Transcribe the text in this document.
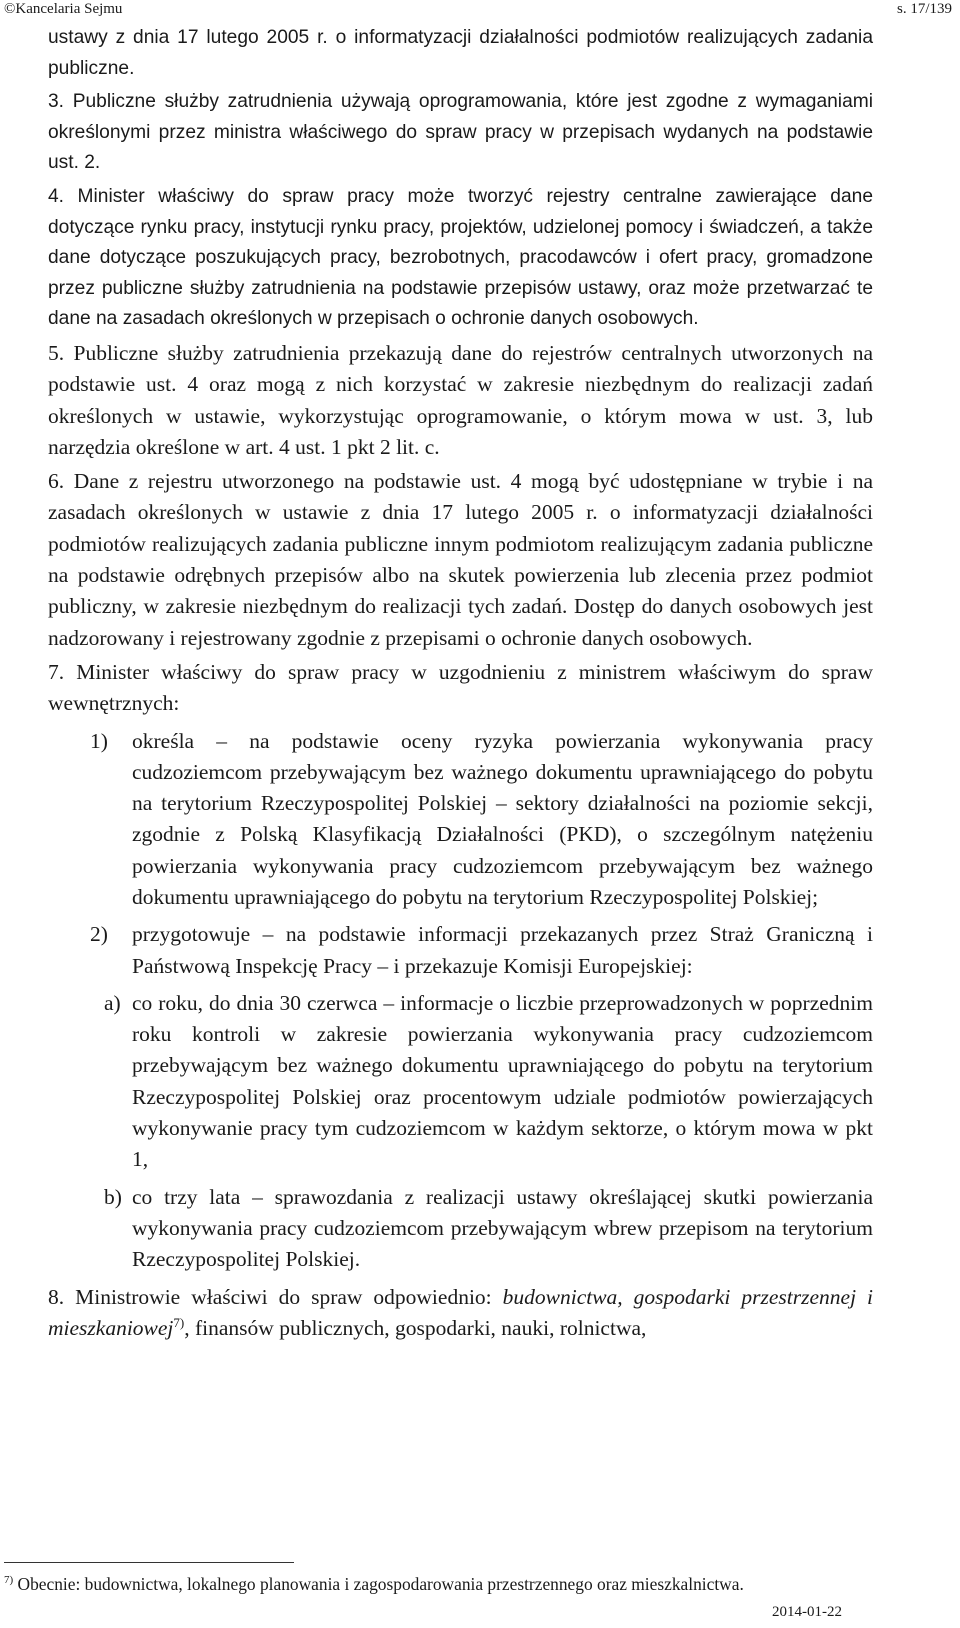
©Kancelaria Sejmu	s. 17/139

ustawy z dnia 17 lutego 2005 r. o informatyzacji działalności podmiotów realizujących zadania publiczne.

3. Publiczne służby zatrudnienia używają oprogramowania, które jest zgodne z wymaganiami określonymi przez ministra właściwego do spraw pracy w przepisach wydanych na podstawie ust. 2.

4. Minister właściwy do spraw pracy może tworzyć rejestry centralne zawierające dane dotyczące rynku pracy, instytucji rynku pracy, projektów, udzielonej pomocy i świadczeń, a także dane dotyczące poszukujących pracy, bezrobotnych, pracodawców i ofert pracy, gromadzone przez publiczne służby zatrudnienia na podstawie przepisów ustawy, oraz może przetwarzać te dane na zasadach określonych w przepisach o ochronie danych osobowych.

5. Publiczne służby zatrudnienia przekazują dane do rejestrów centralnych utworzonych na podstawie ust. 4 oraz mogą z nich korzystać w zakresie niezbędnym do realizacji zadań określonych w ustawie, wykorzystując oprogramowanie, o którym mowa w ust. 3, lub narzędzia określone w art. 4 ust. 1 pkt 2 lit. c.

6. Dane z rejestru utworzonego na podstawie ust. 4 mogą być udostępniane w trybie i na zasadach określonych w ustawie z dnia 17 lutego 2005 r. o informatyzacji działalności podmiotów realizujących zadania publiczne innym podmiotom realizującym zadania publiczne na podstawie odrębnych przepisów albo na skutek powierzenia lub zlecenia przez podmiot publiczny, w zakresie niezbędnym do realizacji tych zadań. Dostęp do danych osobowych jest nadzorowany i rejestrowany zgodnie z przepisami o ochronie danych osobowych.

7. Minister właściwy do spraw pracy w uzgodnieniu z ministrem właściwym do spraw wewnętrznych:

1) określa – na podstawie oceny ryzyka powierzania wykonywania pracy cudzoziemcom przebywającym bez ważnego dokumentu uprawniającego do pobytu na terytorium Rzeczypospolitej Polskiej – sektory działalności na poziomie sekcji, zgodnie z Polską Klasyfikacją Działalności (PKD), o szczególnym natężeniu powierzania wykonywania pracy cudzoziemcom przebywającym bez ważnego dokumentu uprawniającego do pobytu na terytorium Rzeczypospolitej Polskiej;
2) przygotowuje – na podstawie informacji przekazanych przez Straż Graniczną i Państwową Inspekcję Pracy – i przekazuje Komisji Europejskiej:
a) co roku, do dnia 30 czerwca – informacje o liczbie przeprowadzonych w poprzednim roku kontroli w zakresie powierzania wykonywania pracy cudzoziemcom przebywającym bez ważnego dokumentu uprawniającego do pobytu na terytorium Rzeczypospolitej Polskiej oraz procentowym udziale podmiotów powierzających wykonywanie pracy tym cudzoziemcom w każdym sektorze, o którym mowa w pkt 1,
b) co trzy lata – sprawozdania z realizacji ustawy określającej skutki powierzania wykonywania pracy cudzoziemcom przebywającym wbrew przepisom na terytorium Rzeczypospolitej Polskiej.

8. Ministrowie właściwi do spraw odpowiednio: budownictwa, gospodarki przestrzennej i mieszkaniowej$^{7)}$, finansów publicznych, gospodarki, nauki, rolnictwa,

$^{7)}$ Obecnie: budownictwa, lokalnego planowania i zagospodarowania przestrzennego oraz mieszkalnictwa.
2014-01-22
